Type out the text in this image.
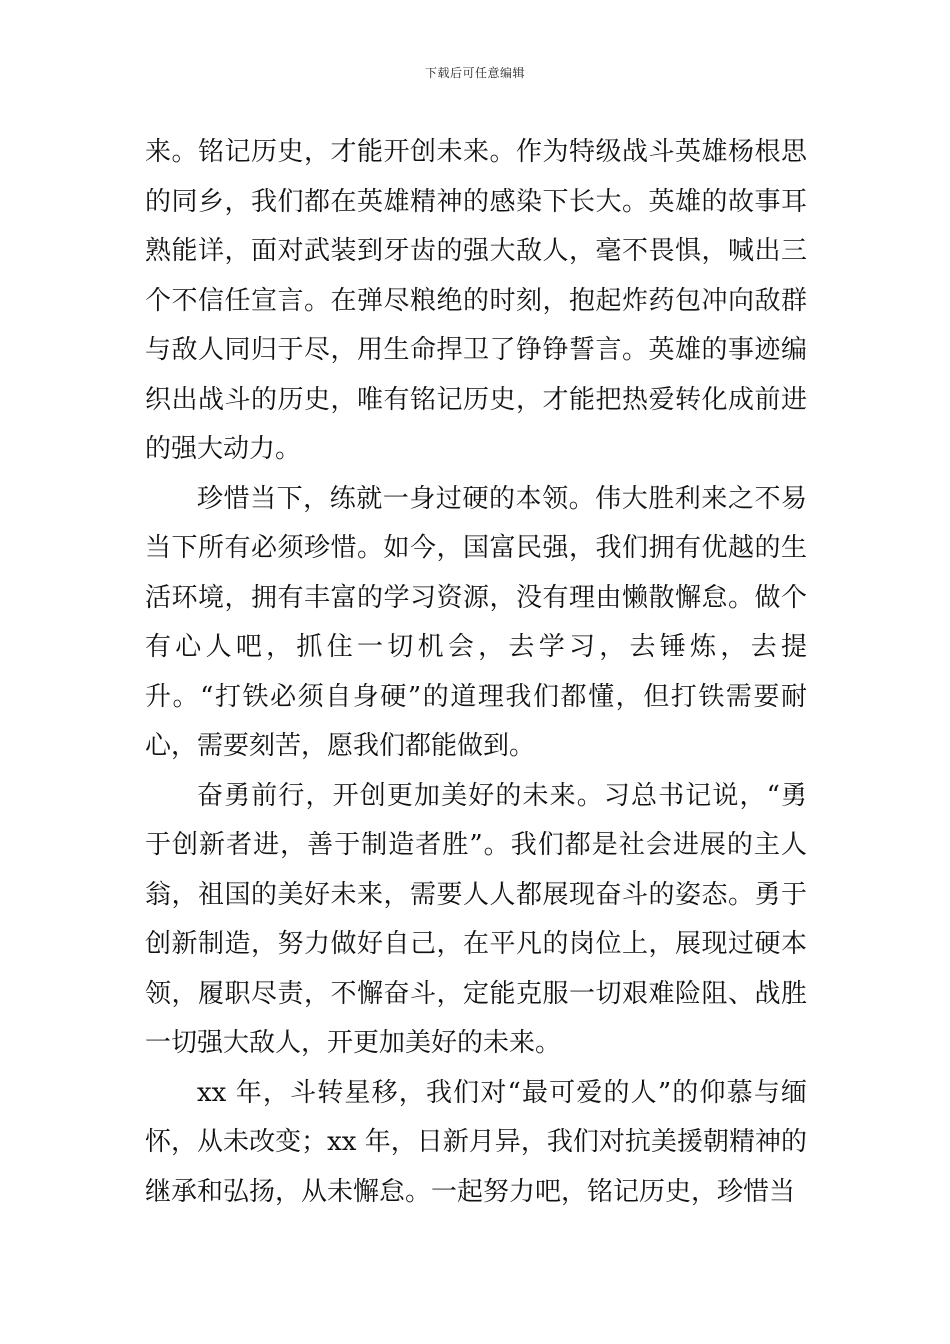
下载后可任意编辑

来。铭记历史，才能开创未来。作为特级战斗英雄杨根思的同乡，我们都在英雄精神的感染下长大。英雄的故事耳熟能详，面对武装到牙齿的强大敌人，毫不畏惧，喊出三个不信任宣言。在弹尽粮绝的时刻，抱起炸药包冲向敌群与敌人同归于尽，用生命捍卫了铮铮誓言。英雄的事迹编织出战斗的历史，唯有铭记历史，才能把热爱转化成前进的强大动力。

珍惜当下，练就一身过硬的本领。伟大胜利来之不易当下所有必须珍惜。如今，国富民强，我们拥有优越的生活环境，拥有丰富的学习资源，没有理由懒散懈怠。做个有心人吧，抓住一切机会，去学习，去锤炼，去提升。“打铁必须自身硬”的道理我们都懂，但打铁需要耐心，需要刻苦，愿我们都能做到。

奋勇前行，开创更加美好的未来。习总书记说，“勇于创新者进，善于制造者胜”。我们都是社会进展的主人翁，祖国的美好未来，需要人人都展现奋斗的姿态。勇于创新制造，努力做好自己，在平凡的岗位上，展现过硬本领，履职尽责，不懈奋斗，定能克服一切艰难险阻、战胜一切强大敌人，开更加美好的未来。

xx 年，斗转星移，我们对“最可爱的人”的仰慕与缅怀，从未改变；xx 年，日新月异，我们对抗美援朝精神的继承和弘扬，从未懈怠。一起努力吧，铭记历史，珍惜当
